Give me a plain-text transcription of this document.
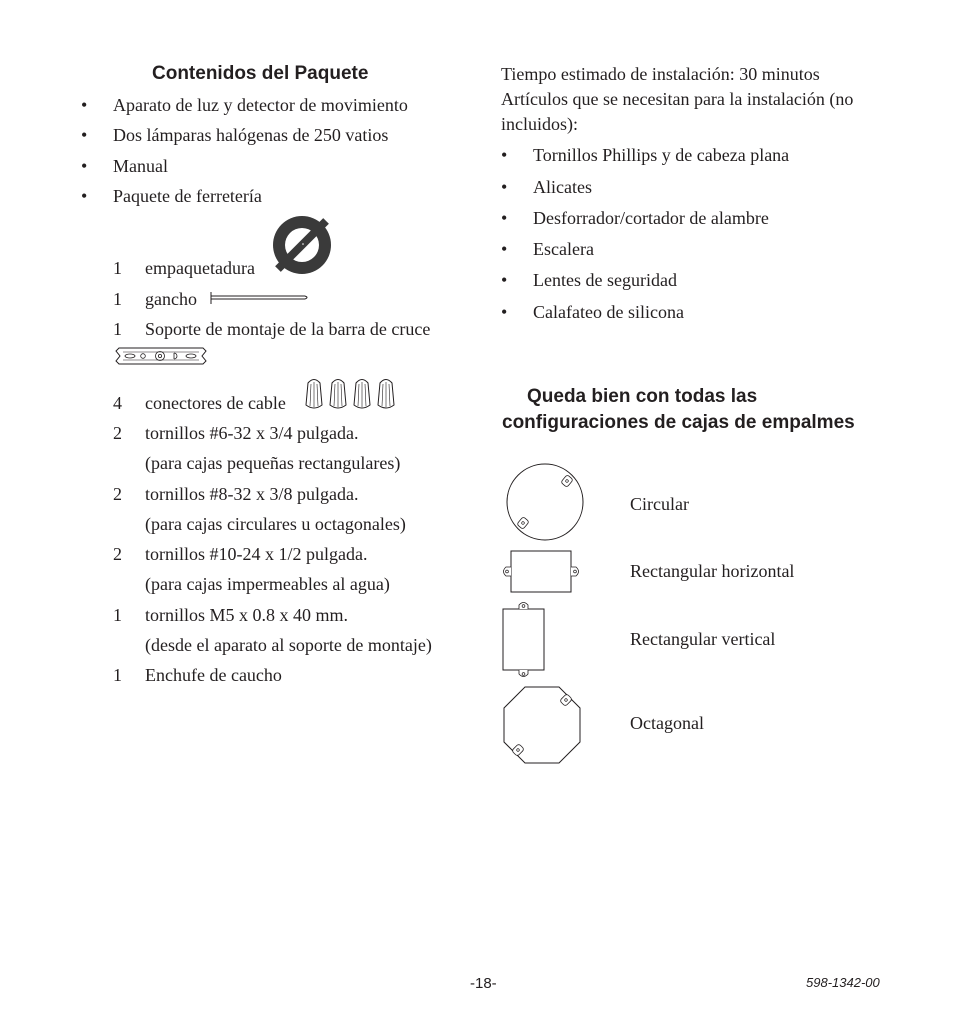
Contenidos del Paquete
• Aparato de luz y detector de movimiento
• Dos lámparas halógenas de 250 vatios
• Manual
• Paquete de ferretería
1 empaquetadura
1 gancho
1 Soporte de montaje de la barra de cruce
4 conectores de cable
2 tornillos #6-32 x 3/4 pulgada.
(para cajas pequeñas rectangulares)
2 tornillos #8-32 x 3/8 pulgada.
(para cajas circulares u octagonales)
2 tornillos #10-24 x 1/2 pulgada.
(para cajas impermeables al agua)
1 tornillos M5 x 0.8 x 40 mm.
(desde el aparato al soporte de montaje)
1 Enchufe de caucho
Tiempo estimado de instalación: 30 minutos
Artículos que se necesitan para la instalación (no
incluidos):
• Tornillos Phillips y de cabeza plana
• Alicates
• Desforrador/cortador de alambre
• Escalera
• Lentes de seguridad
• Calafateo de silicona
Queda bien con todas las
configuraciones de cajas de empalmes
Circular
Rectangular horizontal
Rectangular vertical
Octagonal
-18-	598-1342-00
